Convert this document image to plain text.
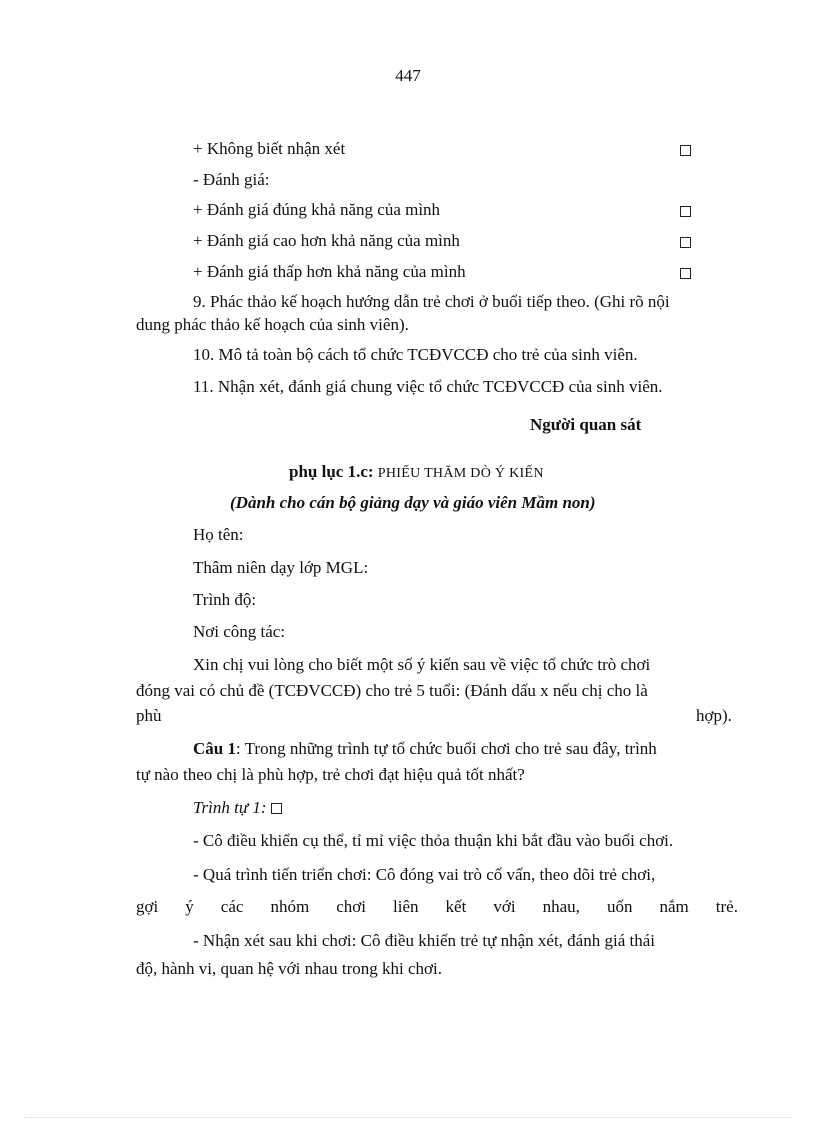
447
+ Không biết nhận xét
- Đánh giá:
+ Đánh giá đúng khả năng của mình
+ Đánh giá cao hơn khả năng của mình
+ Đánh giá thấp hơn khả năng của mình
9. Phác thảo kế hoạch hướng dẫn trẻ chơi ở buổi tiếp theo. (Ghi rõ nội
dung phác thảo kế hoạch của sinh viên).
10. Mô tả toàn bộ cách tổ chức TCĐVCCĐ cho trẻ của sinh viên.
11. Nhận xét, đánh giá chung việc tổ chức TCĐVCCĐ của sinh viên.
Người quan sát
phụ lục 1.c: PHIẾU THĂM DÒ Ý KIẾN
(Dành cho cán bộ giảng dạy và giáo viên Mầm non)
Họ tên:
Thâm niên dạy lớp MGL:
Trình độ:
Nơi công tác:
Xin chị vui lòng cho biết một số ý kiến sau về việc tổ chức trò chơi
đóng vai có chủ đề (TCĐVCCĐ) cho trẻ 5 tuổi: (Đánh dấu x nếu chị cho là
phù	hợp).
Câu 1: Trong những trình tự tổ chức buổi chơi cho trẻ sau đây, trình
tự nào theo chị là phù hợp, trẻ chơi đạt hiệu quả tốt nhất?
Trình tự 1:
- Cô điều khiển cụ thể, tỉ mỉ việc thỏa thuận khi bắt đầu vào buổi chơi.
- Quá trình tiến triển chơi: Cô đóng vai trò cố vấn, theo dõi trẻ chơi,
gợi ý các nhóm chơi liên kết với nhau, uốn nắm trẻ.
- Nhận xét sau khi chơi: Cô điều khiển trẻ tự nhận xét, đánh giá thái
độ, hành vi, quan hệ với nhau trong khi chơi.
